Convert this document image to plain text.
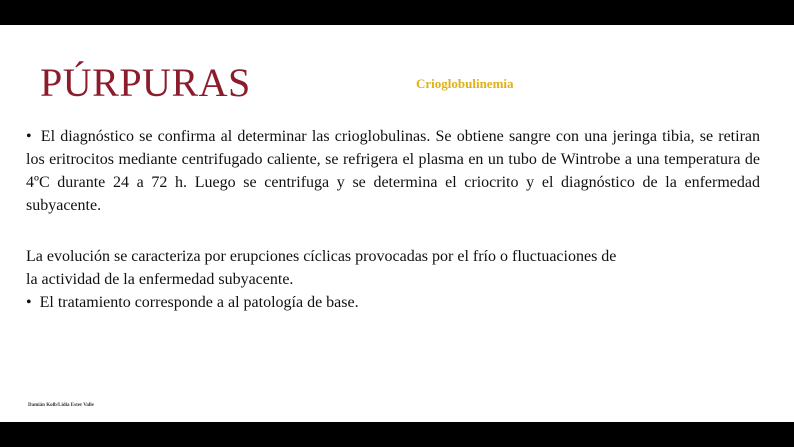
PÚRPURAS	Crioglobulinemia
• El diagnóstico se confirma al determinar las crioglobulinas. Se obtiene sangre con una jeringa tibia, se retiran los eritrocitos mediante centrifugado caliente, se refrigera el plasma en un tubo de Wintrobe a una temperatura de 4ºC durante 24 a 72 h. Luego se centrifuga y se determina el criocrito y el diagnóstico de la enfermedad subyacente.
La evolución se caracteriza por erupciones cíclicas provocadas por el frío o fluctuaciones de
la actividad de la enfermedad subyacente.
• El tratamiento corresponde a al patología de base.
Damián Kolb/Lidia Ester Valle
